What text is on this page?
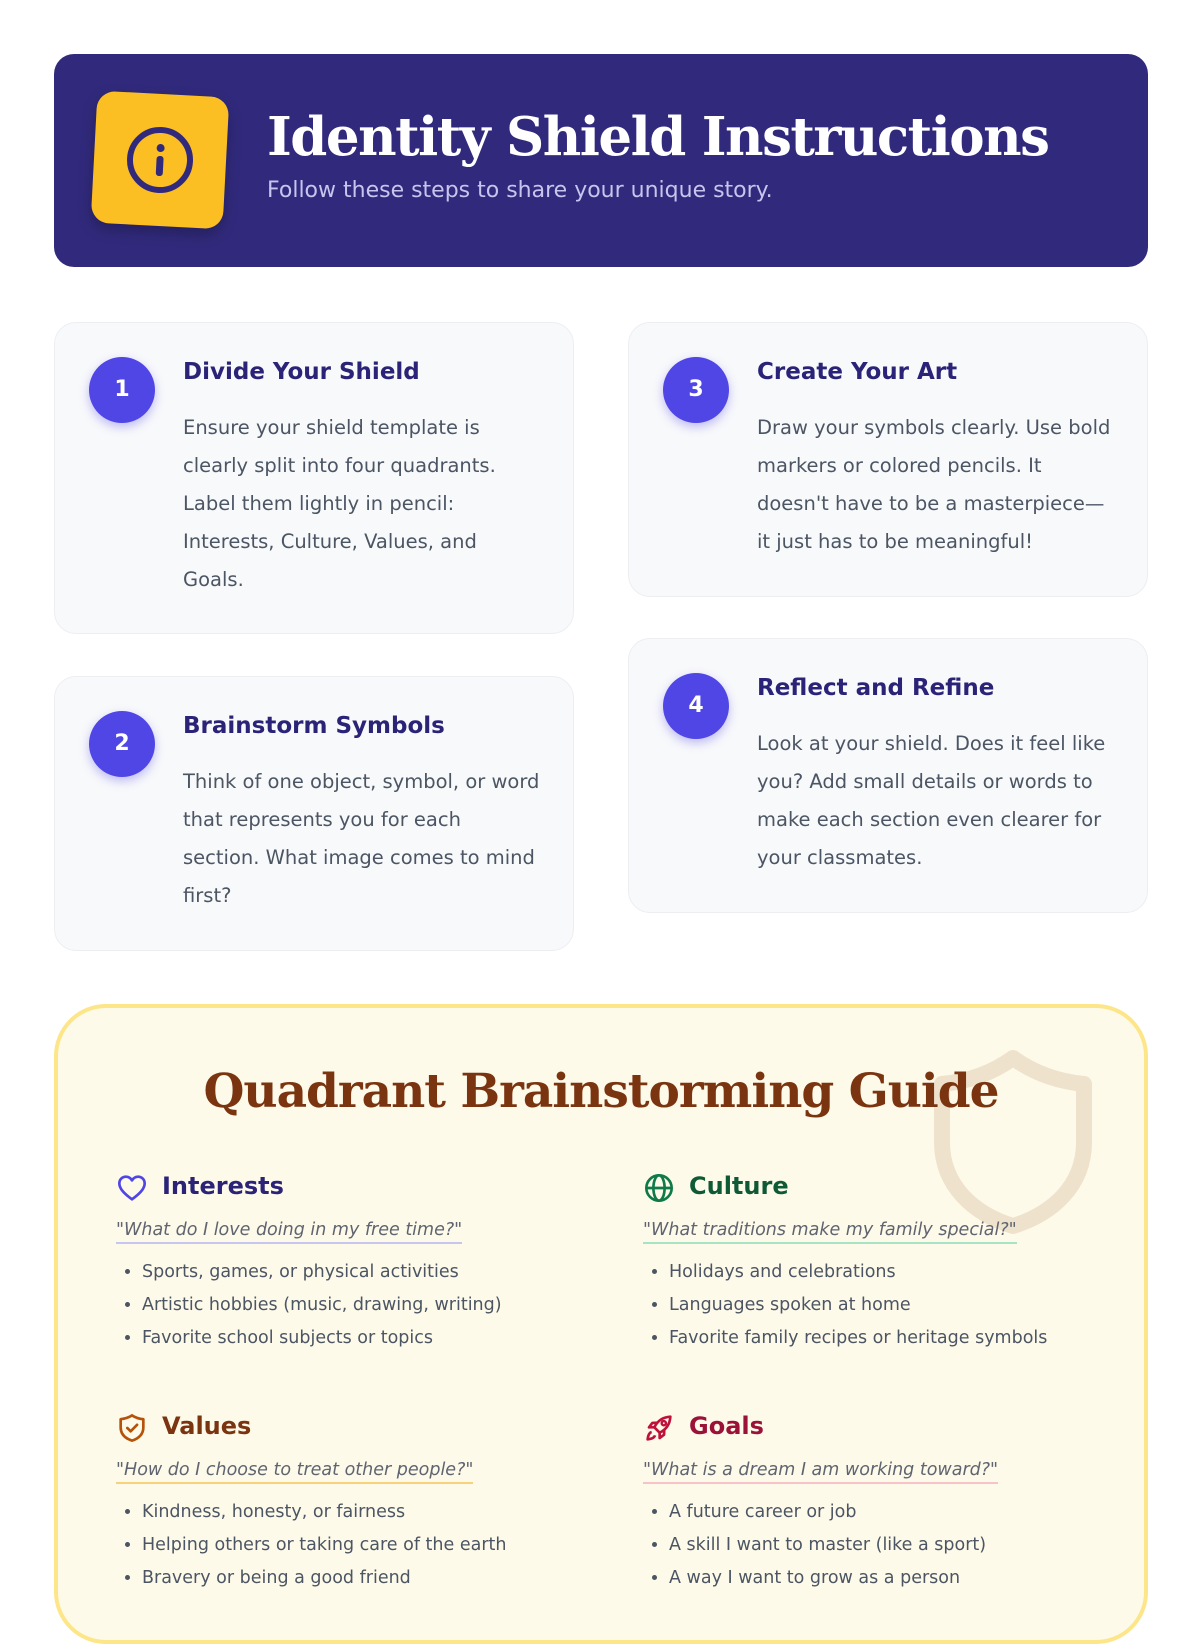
Identity Shield Instructions
Follow these steps to share your unique story.
1
Divide Your Shield
Ensure your shield template is clearly split into four quadrants. Label them lightly in pencil: Interests, Culture, Values, and Goals.
2
Brainstorm Symbols
Think of one object, symbol, or word that represents you for each section. What image comes to mind first?
3
Create Your Art
Draw your symbols clearly. Use bold markers or colored pencils. It doesn't have to be a masterpiece—it just has to be meaningful!
4
Reflect and Refine
Look at your shield. Does it feel like you? Add small details or words to make each section even clearer for your classmates.
Quadrant Brainstorming Guide
Interests
"What do I love doing in my free time?"
• Sports, games, or physical activities
• Artistic hobbies (music, drawing, writing)
• Favorite school subjects or topics
Culture
"What traditions make my family special?"
• Holidays and celebrations
• Languages spoken at home
• Favorite family recipes or heritage symbols
Values
"How do I choose to treat other people?"
• Kindness, honesty, or fairness
• Helping others or taking care of the earth
• Bravery or being a good friend
Goals
"What is a dream I am working toward?"
• A future career or job
• A skill I want to master (like a sport)
• A way I want to grow as a person
